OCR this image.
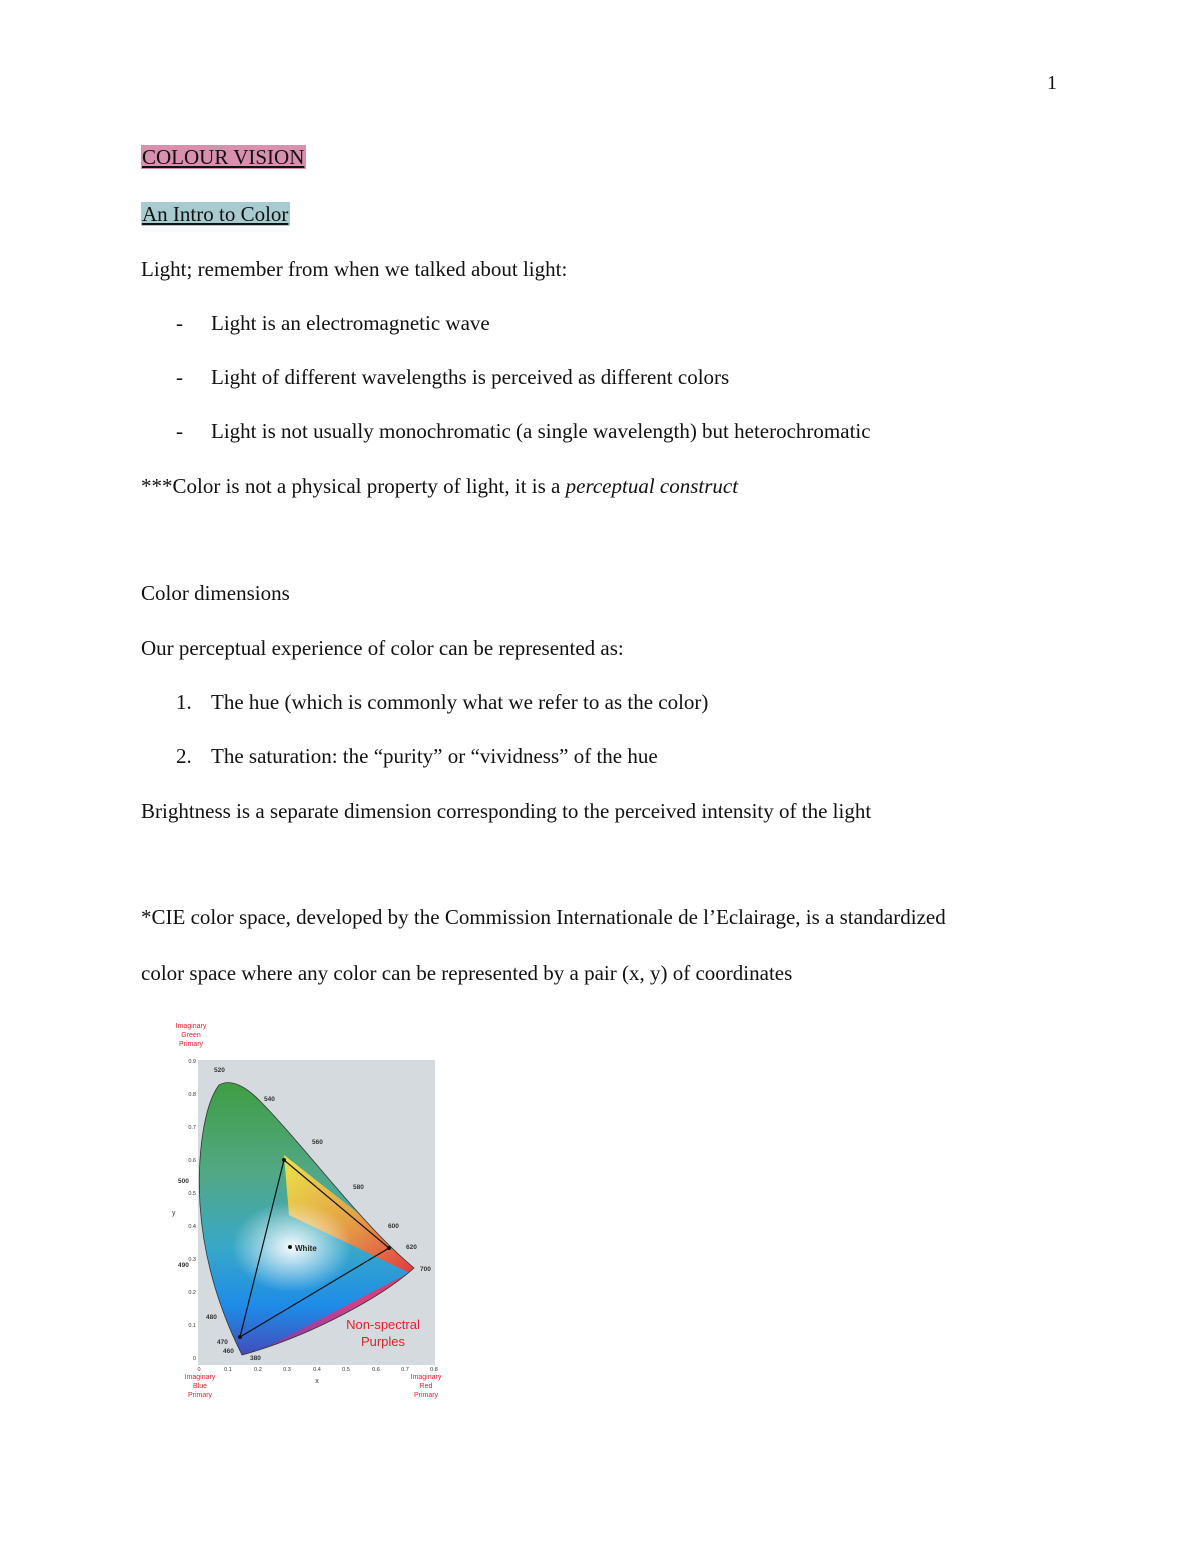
1
COLOUR VISION
An Intro to Color
Light; remember from when we talked about light:
- Light is an electromagnetic wave
- Light of different wavelengths is perceived as different colors
- Light is not usually monochromatic (a single wavelength) but heterochromatic
***Color is not a physical property of light, it is a perceptual construct
Color dimensions
Our perceptual experience of color can be represented as:
1. The hue (which is commonly what we refer to as the color)
2. The saturation: the “purity” or “vividness” of the hue
Brightness is a separate dimension corresponding to the perceived intensity of the light
*CIE color space, developed by the Commission Internationale de l’Eclairage, is a standardized
color space where any color can be represented by a pair (x, y) of coordinates
White
Imaginary
Green
Primary
Imaginary
Blue
Primary
Imaginary
Red
Primary
Non-spectral
Purples
0.9
0.8
0.7
0.6
0.5
0.4
0.3
0.2
0.1
0
y
0	0.1	0.2	0.3	0.4	0.5	0.6	0.7	0.8
x
520
540
560
580
600
620
700
500
490
480
470
460
380
